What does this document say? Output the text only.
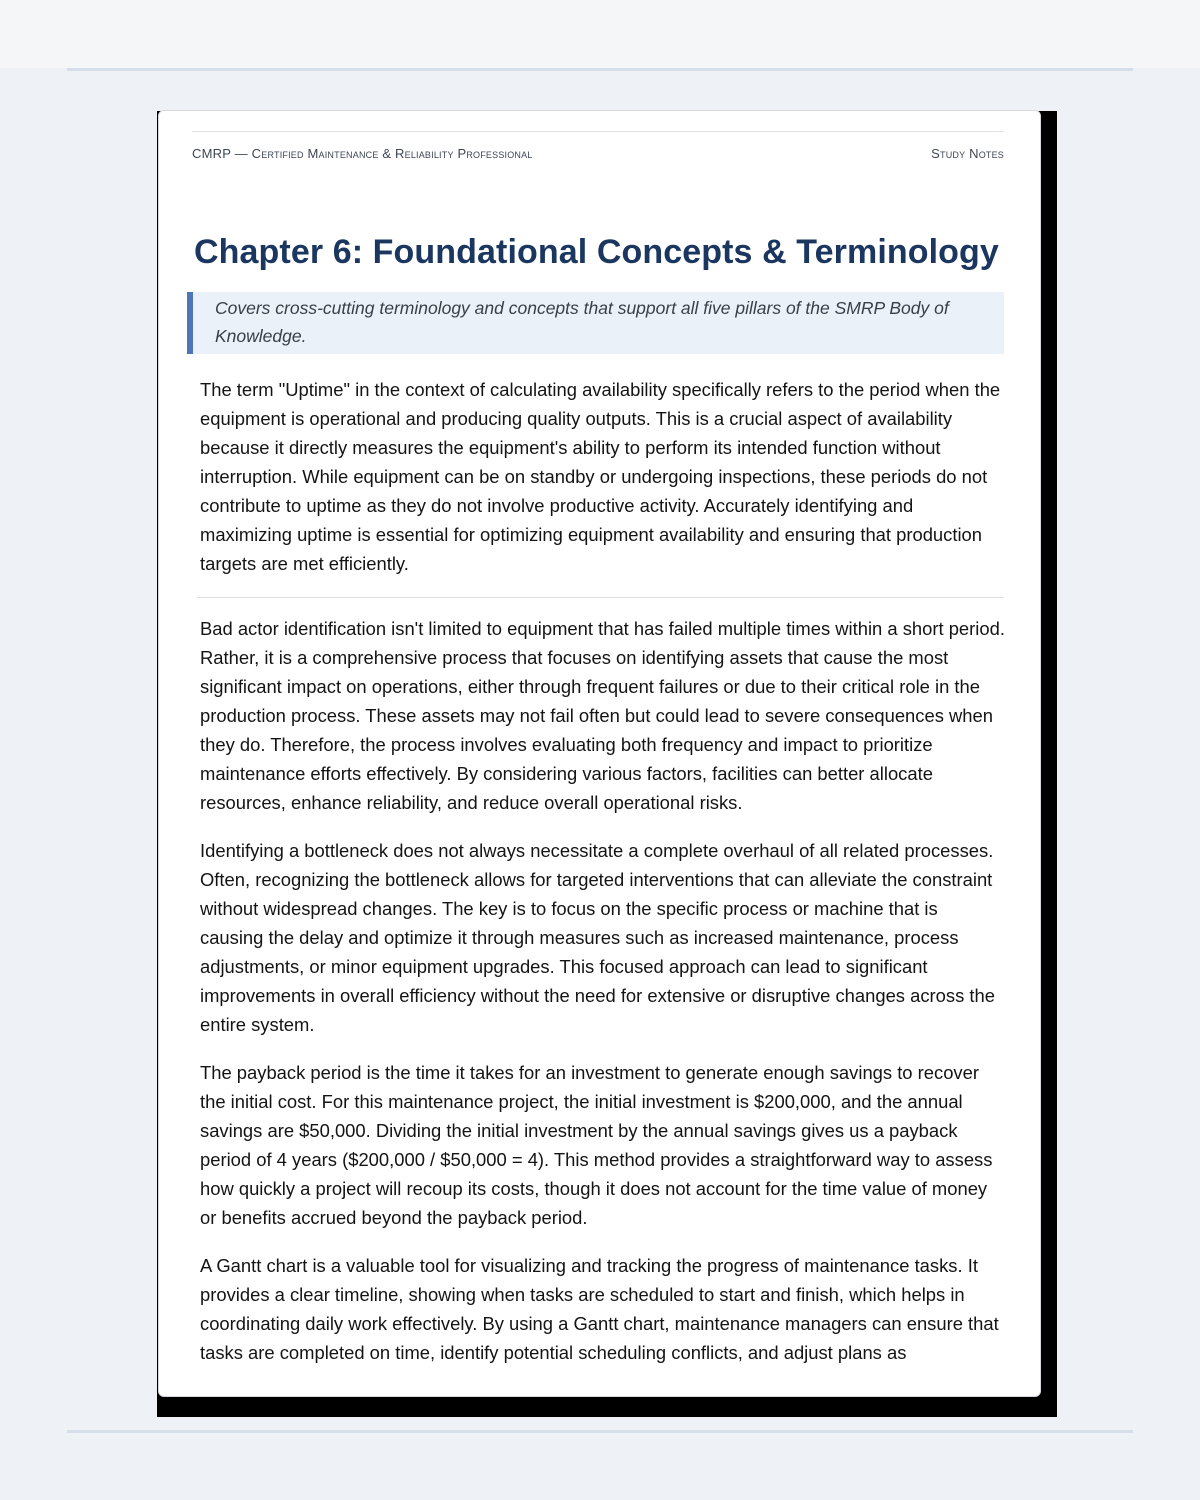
CMRP — Certified Maintenance & Reliability Professional	Study Notes
Chapter 6: Foundational Concepts & Terminology
Covers cross-cutting terminology and concepts that support all five pillars of the SMRP Body of Knowledge.

The term "Uptime" in the context of calculating availability specifically refers to the period when the equipment is operational and producing quality outputs. This is a crucial aspect of availability because it directly measures the equipment's ability to perform its intended function without interruption. While equipment can be on standby or undergoing inspections, these periods do not contribute to uptime as they do not involve productive activity. Accurately identifying and maximizing uptime is essential for optimizing equipment availability and ensuring that production targets are met efficiently.

Bad actor identification isn't limited to equipment that has failed multiple times within a short period. Rather, it is a comprehensive process that focuses on identifying assets that cause the most significant impact on operations, either through frequent failures or due to their critical role in the production process. These assets may not fail often but could lead to severe consequences when they do. Therefore, the process involves evaluating both frequency and impact to prioritize maintenance efforts effectively. By considering various factors, facilities can better allocate resources, enhance reliability, and reduce overall operational risks.

Identifying a bottleneck does not always necessitate a complete overhaul of all related processes. Often, recognizing the bottleneck allows for targeted interventions that can alleviate the constraint without widespread changes. The key is to focus on the specific process or machine that is causing the delay and optimize it through measures such as increased maintenance, process adjustments, or minor equipment upgrades. This focused approach can lead to significant improvements in overall efficiency without the need for extensive or disruptive changes across the entire system.

The payback period is the time it takes for an investment to generate enough savings to recover the initial cost. For this maintenance project, the initial investment is $200,000, and the annual savings are $50,000. Dividing the initial investment by the annual savings gives us a payback period of 4 years ($200,000 / $50,000 = 4). This method provides a straightforward way to assess how quickly a project will recoup its costs, though it does not account for the time value of money or benefits accrued beyond the payback period.

A Gantt chart is a valuable tool for visualizing and tracking the progress of maintenance tasks. It provides a clear timeline, showing when tasks are scheduled to start and finish, which helps in coordinating daily work effectively. By using a Gantt chart, maintenance managers can ensure that tasks are completed on time, identify potential scheduling conflicts, and adjust plans as
